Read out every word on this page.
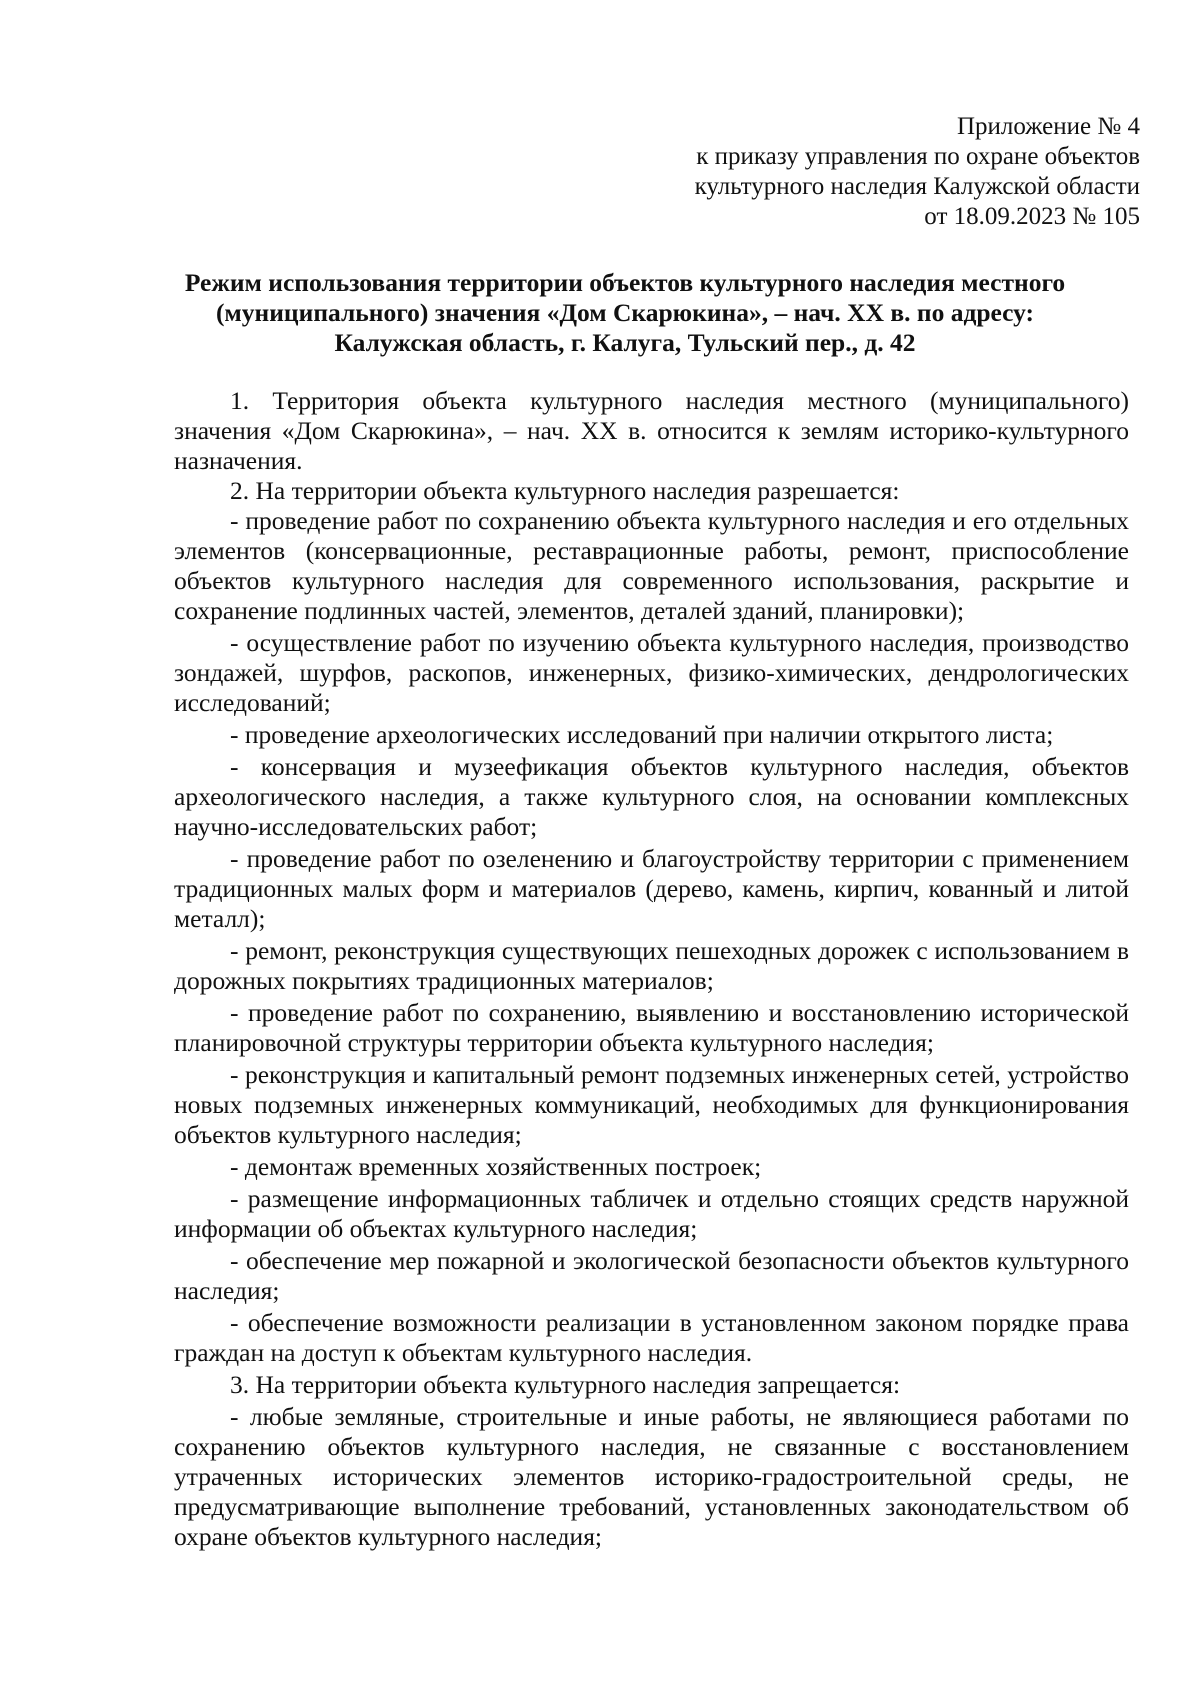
Приложение № 4
к приказу управления по охране объектов
культурного наследия Калужской области
от 18.09.2023 № 105
Режим использования территории объектов культурного наследия местного
(муниципального) значения «Дом Скарюкина», – нач. XX в. по адресу:
Калужская область, г. Калуга, Тульский пер., д. 42

1. Территория объекта культурного наследия местного (муниципального) значения «Дом Скарюкина», – нач. XX в. относится к землям историко-культурного назначения.

2. На территории объекта культурного наследия разрешается:

- проведение работ по сохранению объекта культурного наследия и его отдельных элементов (консервационные, реставрационные работы, ремонт, приспособление объектов культурного наследия для современного использования, раскрытие и сохранение подлинных частей, элементов, деталей зданий, планировки);

- осуществление работ по изучению объекта культурного наследия, производство зондажей, шурфов, раскопов, инженерных, физико-химических, дендрологических исследований;

- проведение археологических исследований при наличии открытого листа;

- консервация и музеефикация объектов культурного наследия, объектов археологического наследия, а также культурного слоя, на основании комплексных научно-исследовательских работ;

- проведение работ по озеленению и благоустройству территории с применением традиционных малых форм и материалов (дерево, камень, кирпич, кованный и литой металл);

- ремонт, реконструкция существующих пешеходных дорожек с использованием в дорожных покрытиях традиционных материалов;

- проведение работ по сохранению, выявлению и восстановлению исторической планировочной структуры территории объекта культурного наследия;

- реконструкция и капитальный ремонт подземных инженерных сетей, устройство новых подземных инженерных коммуникаций, необходимых для функционирования объектов культурного наследия;

- демонтаж временных хозяйственных построек;

- размещение информационных табличек и отдельно стоящих средств наружной информации об объектах культурного наследия;

- обеспечение мер пожарной и экологической безопасности объектов культурного наследия;

- обеспечение возможности реализации в установленном законом порядке права граждан на доступ к объектам культурного наследия.

3. На территории объекта культурного наследия запрещается:

- любые земляные, строительные и иные работы, не являющиеся работами по сохранению объектов культурного наследия, не связанные с восстановлением утраченных исторических элементов историко-градостроительной среды, не предусматривающие выполнение требований, установленных законодательством об охране объектов культурного наследия;
